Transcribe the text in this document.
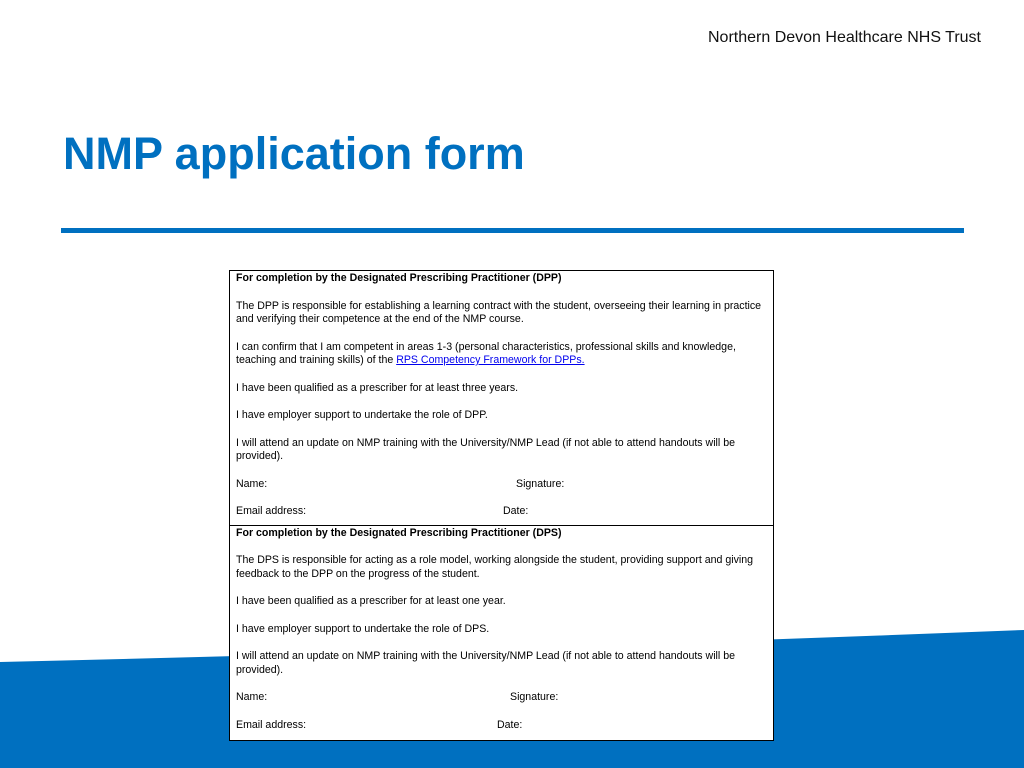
Northern Devon Healthcare NHS Trust
NMP application form

For completion by the Designated Prescribing Practitioner (DPP)

The DPP is responsible for establishing a learning contract with the student, overseeing their learning in practice and verifying their competence at the end of the NMP course.

I can confirm that I am competent in areas 1-3 (personal characteristics, professional skills and knowledge, teaching and training skills) of the RPS Competency Framework for DPPs.

I have been qualified as a prescriber for at least three years.

I have employer support to undertake the role of DPP.

I will attend an update on NMP training with the University/NMP Lead (if not able to attend handouts will be provided).

Name:	Signature:
Email address:	Date:

For completion by the Designated Prescribing Practitioner (DPS)

The DPS is responsible for acting as a role model, working alongside the student, providing support and giving feedback to the DPP on the progress of the student.

I have been qualified as a prescriber for at least one year.

I have employer support to undertake the role of DPS.

I will attend an update on NMP training with the University/NMP Lead (if not able to attend handouts will be provided).

Name:	Signature:
Email address:	Date:
